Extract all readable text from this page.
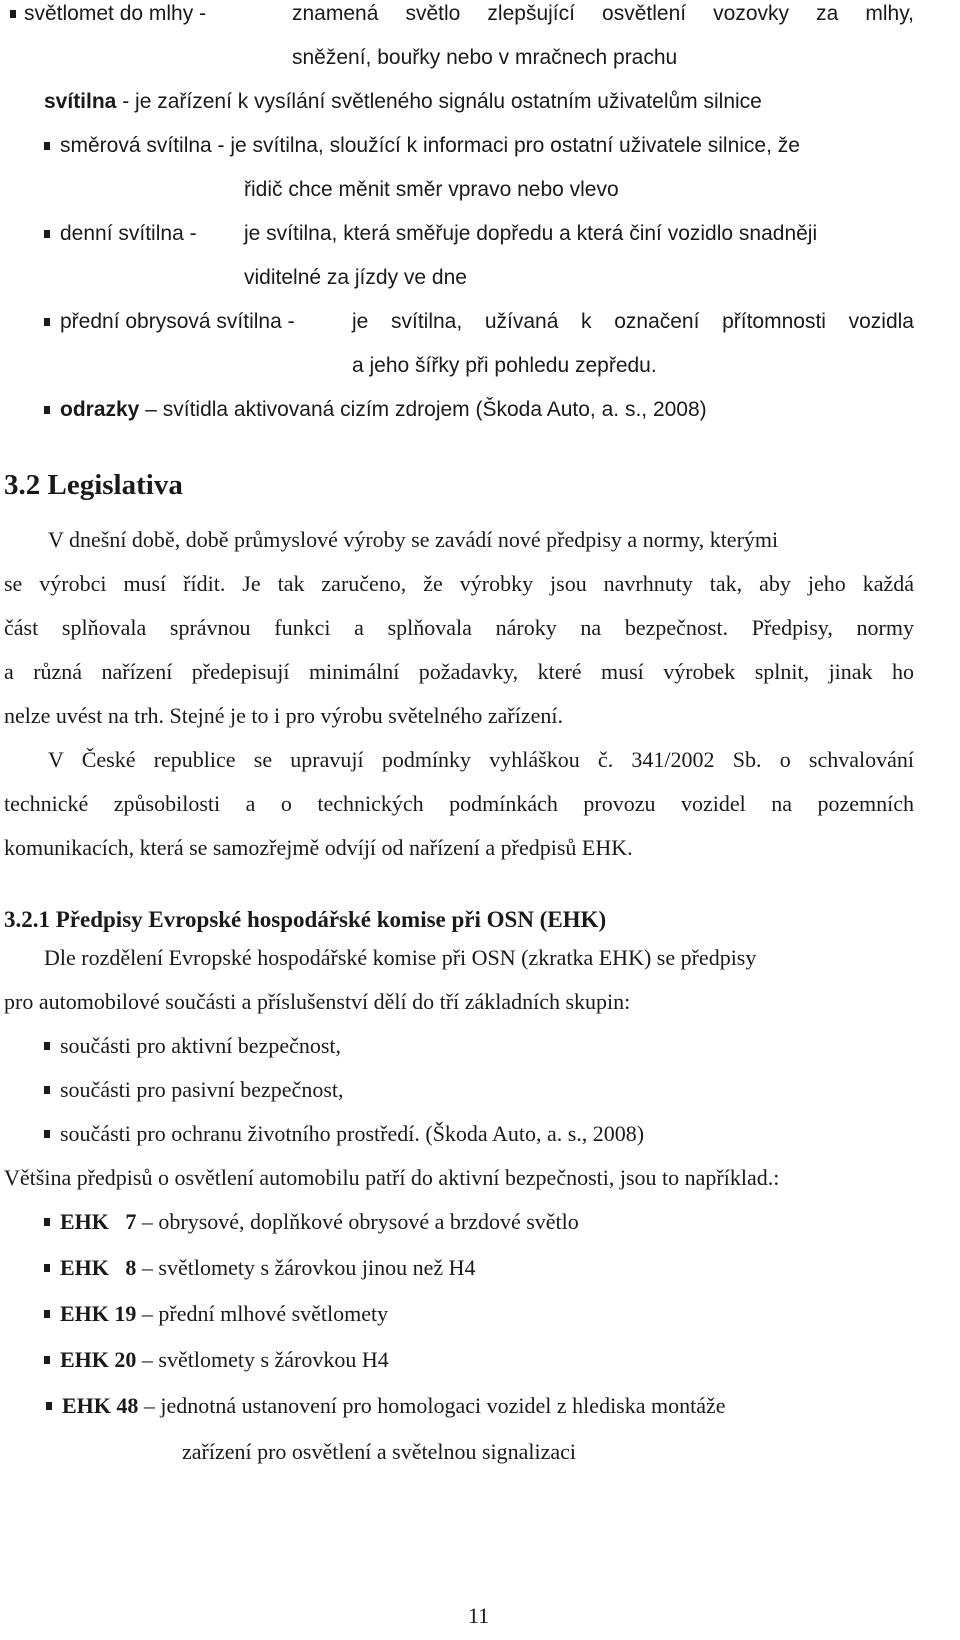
světlomet do mlhy -	znamená světlo zlepšující osvětlení vozovky za mlhy,
sněžení, bouřky nebo v mračnech prachu
svítilna - je zařízení k vysílání světleného signálu ostatním uživatelům silnice
směrová svítilna - je svítilna, sloužící k informaci pro ostatní uživatele silnice, že
řidič chce měnit směr vpravo nebo vlevo
denní svítilna - je svítilna, která směřuje dopředu a která činí vozidlo snadněji
viditelné za jízdy ve dne
přední obrysová svítilna -	je svítilna, užívaná k označení přítomnosti vozidla
a jeho šířky při pohledu zepředu.
odrazky – svítidla aktivovaná cizím zdrojem (Škoda Auto, a. s., 2008)
3.2 Legislativa
V dnešní době, době průmyslové výroby se zavádí nové předpisy a normy, kterými
se výrobci musí řídit. Je tak zaručeno, že výrobky jsou navrhnuty tak, aby jeho každá
část splňovala správnou funkci a splňovala nároky na bezpečnost. Předpisy, normy
a různá nařízení předepisují minimální požadavky, které musí výrobek splnit, jinak ho
nelze uvést na trh. Stejné je to i pro výrobu světelného zařízení.
V České republice se upravují podmínky vyhláškou č. 341/2002 Sb. o schvalování
technické způsobilosti a o technických podmínkách provozu vozidel na pozemních
komunikacích, která se samozřejmě odvíjí od nařízení a předpisů EHK.
3.2.1 Předpisy Evropské hospodářské komise při OSN (EHK)
Dle rozdělení Evropské hospodářské komise při OSN (zkratka EHK) se předpisy
pro automobilové součásti a příslušenství dělí do tří základních skupin:
součásti pro aktivní bezpečnost,
součásti pro pasivní bezpečnost,
součásti pro ochranu životního prostředí. (Škoda Auto, a. s., 2008)
Většina předpisů o osvětlení automobilu patří do aktivní bezpečnosti, jsou to například.:
EHK   7 – obrysové, doplňkové obrysové a brzdové světlo
EHK   8 – světlomety s žárovkou jinou než H4
EHK 19 – přední mlhové světlomety
EHK 20 – světlomety s žárovkou H4
EHK 48 – jednotná ustanovení pro homologaci vozidel z hlediska montáže
zařízení pro osvětlení a světelnou signalizaci
11
